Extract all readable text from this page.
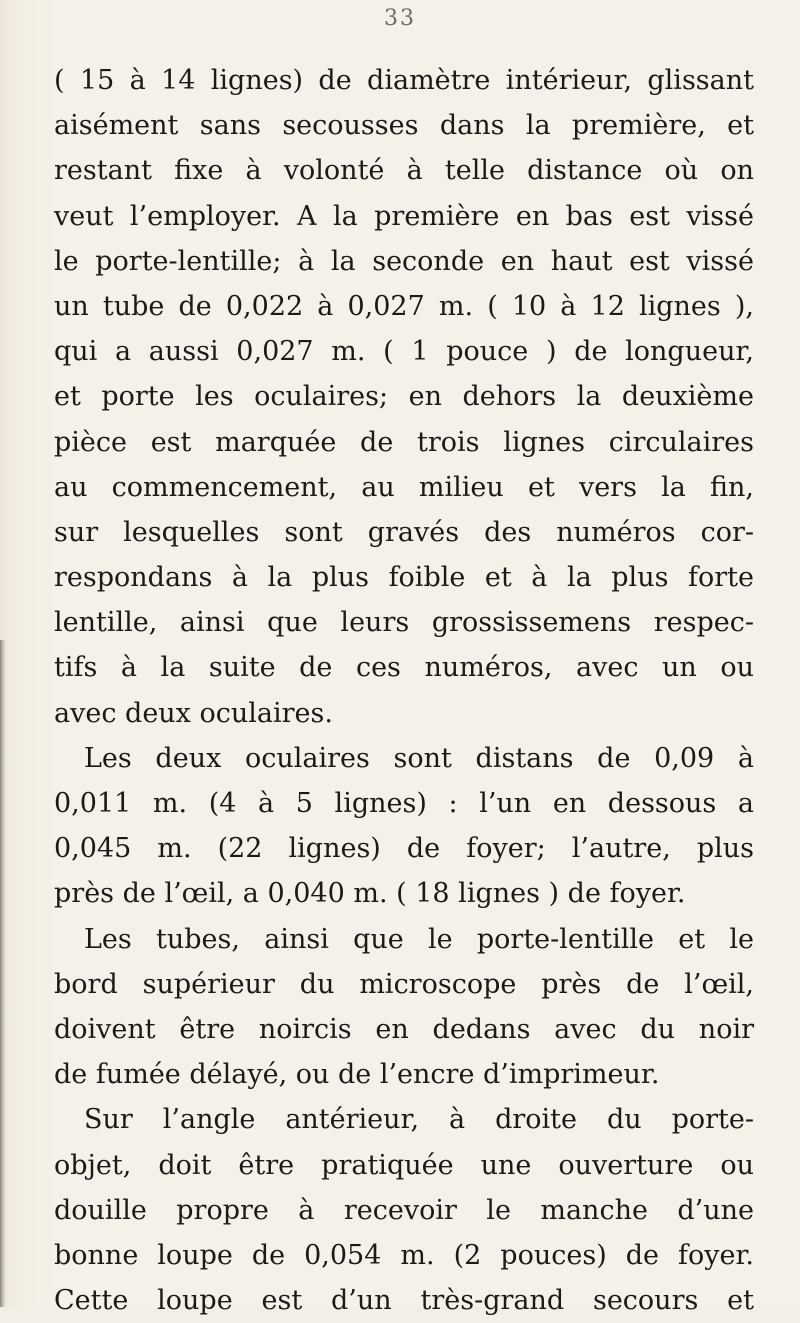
33
( 15 à 14 lignes) de diamètre intérieur, glissant
aisément sans secousses dans la première, et
restant fixe à volonté à telle distance où on
veut l’employer. A la première en bas est vissé
le porte-lentille; à la seconde en haut est vissé
un tube de 0,022 à 0,027 m. ( 10 à 12 lignes ),
qui a aussi 0,027 m. ( 1 pouce ) de longueur,
et porte les oculaires; en dehors la deuxième
pièce est marquée de trois lignes circulaires
au commencement, au milieu et vers la fin,
sur lesquelles sont gravés des numéros cor-
respondans à la plus foible et à la plus forte
lentille, ainsi que leurs grossissemens respec-
tifs à la suite de ces numéros, avec un ou
avec deux oculaires.
Les deux oculaires sont distans de 0,09 à
0,011 m. (4 à 5 lignes) : l’un en dessous a
0,045 m. (22 lignes) de foyer; l’autre, plus
près de l’œil, a 0,040 m. ( 18 lignes ) de foyer.
Les tubes, ainsi que le porte-lentille et le
bord supérieur du microscope près de l’œil,
doivent être noircis en dedans avec du noir
de fumée délayé, ou de l’encre d’imprimeur.
Sur l’angle antérieur, à droite du porte-
objet, doit être pratiquée une ouverture ou
douille propre à recevoir le manche d’une
bonne loupe de 0,054 m. (2 pouces) de foyer.
Cette loupe est d’un très-grand secours et
